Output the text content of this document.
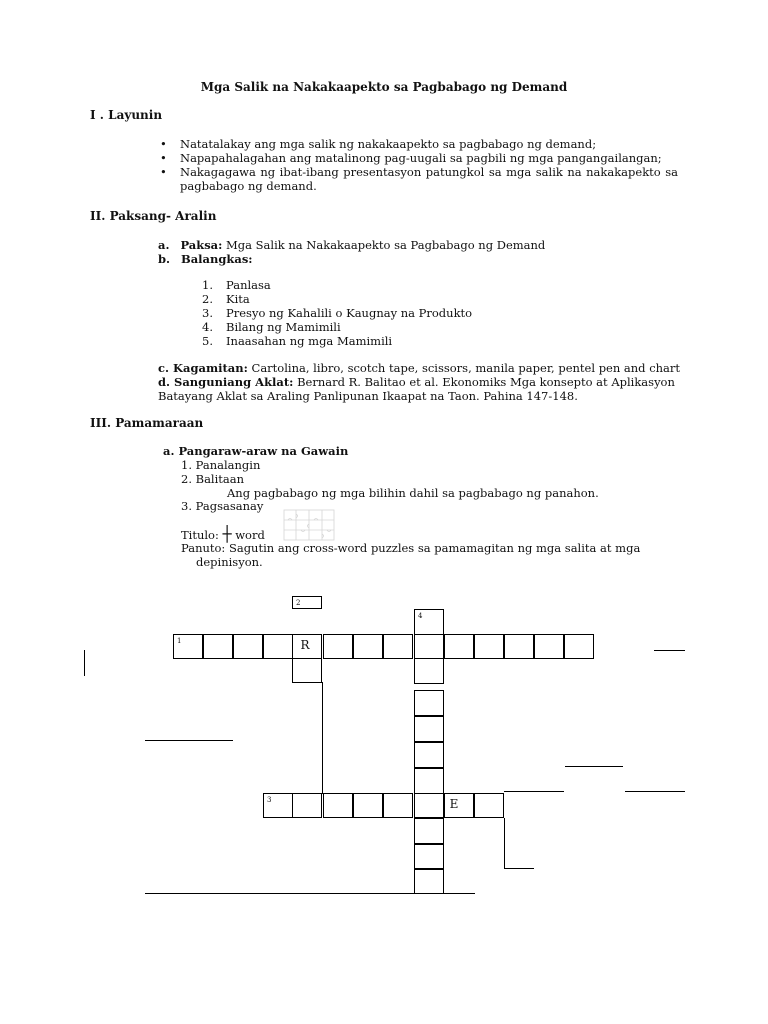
Mga Salik na Nakakaapekto sa Pagbabago ng Demand
I . Layunin
• Natatalakay ang mga salik ng nakakaapekto sa pagbabago ng demand;
• Napapahalagahan ang matalinong pag-uugali sa pagbili ng mga pangangailangan;
• Nakagagawa ng ibat-ibang presentasyon patungkol sa mga salik na nakakapekto sa pagbabago ng demand.
II. Paksang- Aralin
a. Paksa: Mga Salik na Nakakaapekto sa Pagbabago ng Demand
b. Balangkas:
1. Panlasa
2. Kita
3. Presyo ng Kahalili o Kaugnay na Produkto
4. Bilang ng Mamimili
5. Inaasahan ng mga Mamimili
c. Kagamitan: Cartolina, libro, scotch tape, scissors, manila paper, pentel pen and chart
d. Sanguniang Aklat: Bernard R. Balitao et al. Ekonomiks Mga konsepto at Aplikasyon
Batayang Aklat sa Araling Panlipunan Ikaapat na Taon. Pahina 147-148.
III. Pamamaraan
a. Pangaraw-araw na Gawain
1. Panalangin
2. Balitaan
Ang pagbabago ng mga bilihin dahil sa pagbabago ng panahon.
3. Pagsasanay
Titulo: ┼ word
Panuto: Sagutin ang cross-word puzzles sa pamamagitan ng mga salita at mga
depinisyon.
2
4
1	R
3	E
